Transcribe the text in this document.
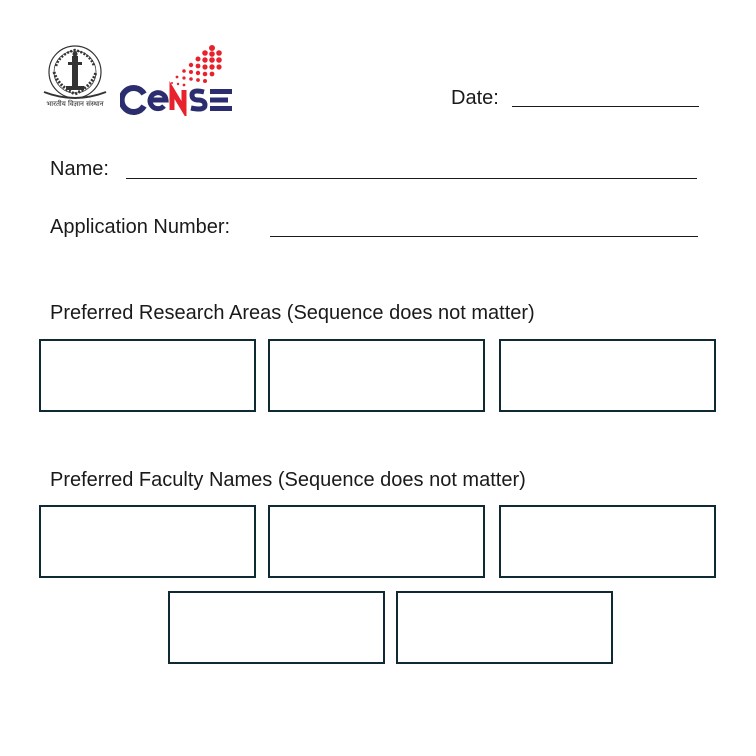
भारतीय विज्ञान संस्थान	Date:
Name:
Application Number:
Preferred Research Areas (Sequence does not matter)
Preferred Faculty Names (Sequence does not matter)
